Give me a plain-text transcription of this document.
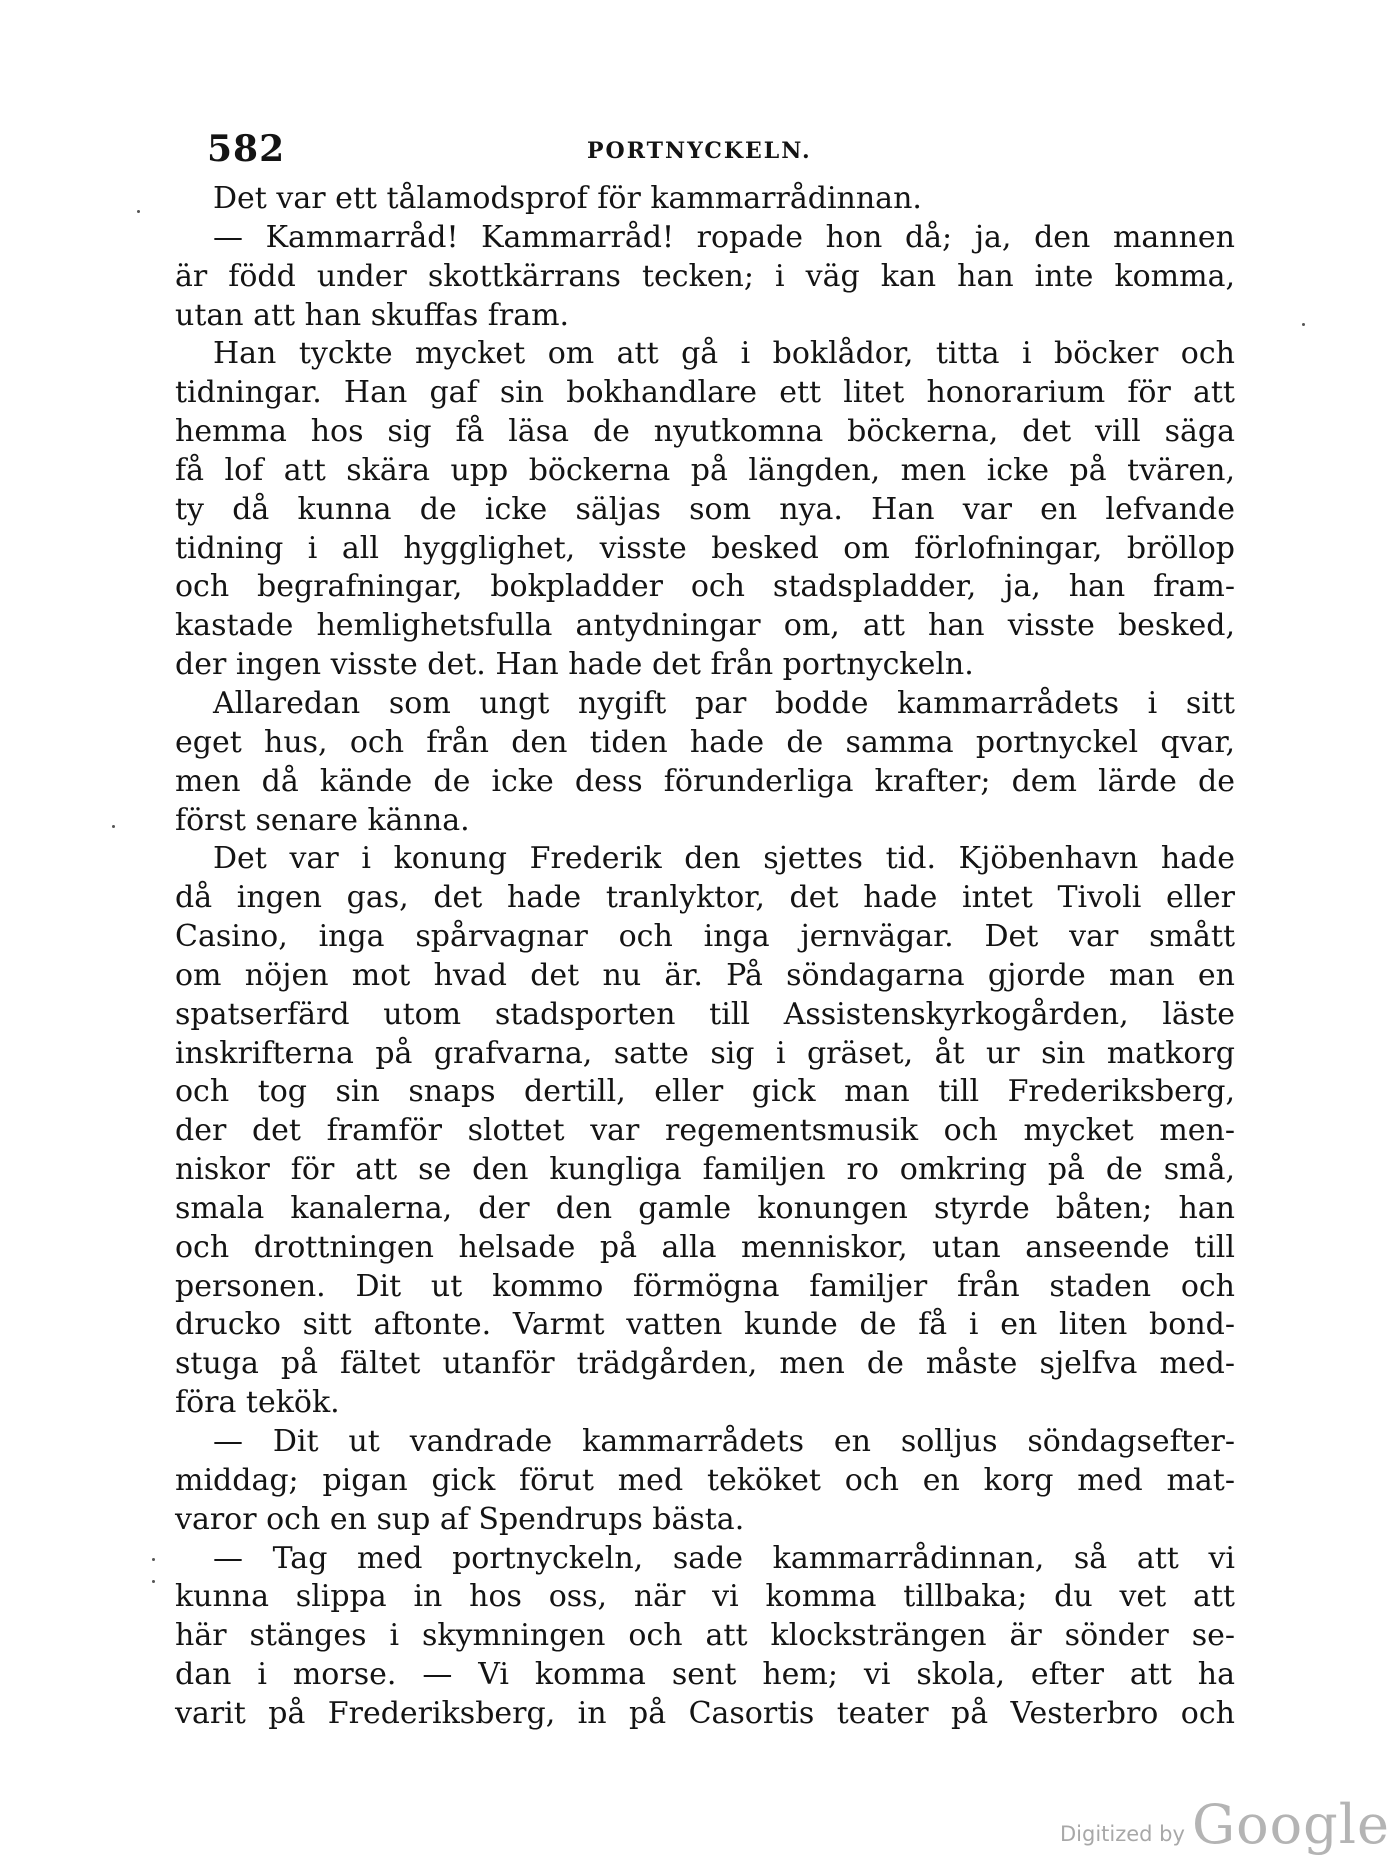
582	PORTNYCKELN.
Det var ett tålamodsprof för kammarrådinnan.
— Kammarråd! Kammarråd! ropade hon då; ja, den mannen
är född under skottkärrans tecken; i väg kan han inte komma,
utan att han skuffas fram.
Han tyckte mycket om att gå i boklådor, titta i böcker och
tidningar. Han gaf sin bokhandlare ett litet honorarium för att
hemma hos sig få läsa de nyutkomna böckerna, det vill säga
få lof att skära upp böckerna på längden, men icke på tvären,
ty då kunna de icke säljas som nya. Han var en lefvande
tidning i all hygglighet, visste besked om förlofningar, bröllop
och begrafningar, bokpladder och stadspladder, ja, han fram-
kastade hemlighetsfulla antydningar om, att han visste besked,
der ingen visste det. Han hade det från portnyckeln.
Allaredan som ungt nygift par bodde kammarrådets i sitt
eget hus, och från den tiden hade de samma portnyckel qvar,
men då kände de icke dess förunderliga krafter; dem lärde de
först senare känna.
Det var i konung Frederik den sjettes tid. Kjöbenhavn hade
då ingen gas, det hade tranlyktor, det hade intet Tivoli eller
Casino, inga spårvagnar och inga jernvägar. Det var smått
om nöjen mot hvad det nu är. På söndagarna gjorde man en
spatserfärd utom stadsporten till Assistenskyrkogården, läste
inskrifterna på grafvarna, satte sig i gräset, åt ur sin matkorg
och tog sin snaps dertill, eller gick man till Frederiksberg,
der det framför slottet var regementsmusik och mycket men-
niskor för att se den kungliga familjen ro omkring på de små,
smala kanalerna, der den gamle konungen styrde båten; han
och drottningen helsade på alla menniskor, utan anseende till
personen. Dit ut kommo förmögna familjer från staden och
drucko sitt aftonte. Varmt vatten kunde de få i en liten bond-
stuga på fältet utanför trädgården, men de måste sjelfva med-
föra tekök.
— Dit ut vandrade kammarrådets en solljus söndagsefter-
middag; pigan gick förut med teköket och en korg med mat-
varor och en sup af Spendrups bästa.
— Tag med portnyckeln, sade kammarrådinnan, så att vi
kunna slippa in hos oss, när vi komma tillbaka; du vet att
här stänges i skymningen och att klocksträngen är sönder se-
dan i morse. — Vi komma sent hem; vi skola, efter att ha
varit på Frederiksberg, in på Casortis teater på Vesterbro och
Digitized by Google
